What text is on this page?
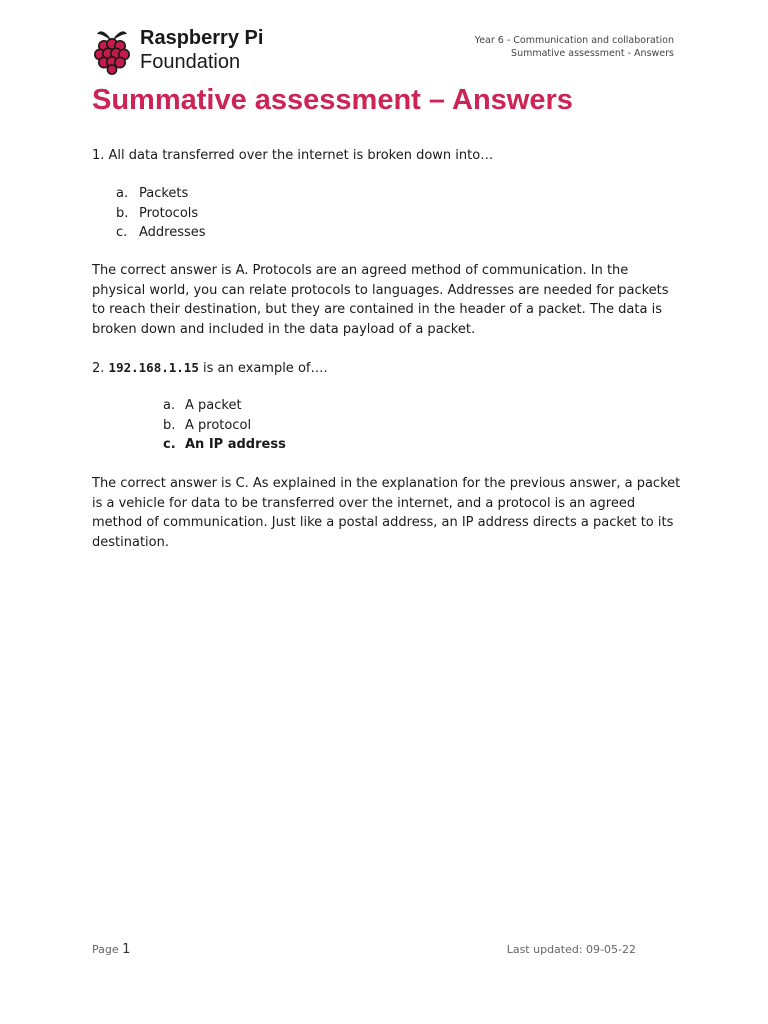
Raspberry Pi
Foundation
Year 6 - Communication and collaboration
Summative assessment - Answers
Summative assessment – Answers

1. All data transferred over the internet is broken down into…

a. Packets
b. Protocols
c. Addresses

The correct answer is A. Protocols are an agreed method of communication. In the physical world, you can relate protocols to languages. Addresses are needed for packets to reach their destination, but they are contained in the header of a packet. The data is broken down and included in the data payload of a packet.

2. 192.168.1.15 is an example of….

a. A packet
b. A protocol
c. An IP address

The correct answer is C. As explained in the explanation for the previous answer, a packet is a vehicle for data to be transferred over the internet, and a protocol is an agreed method of communication. Just like a postal address, an IP address directs a packet to its destination.

Page 1	Last updated: 09-05-22
